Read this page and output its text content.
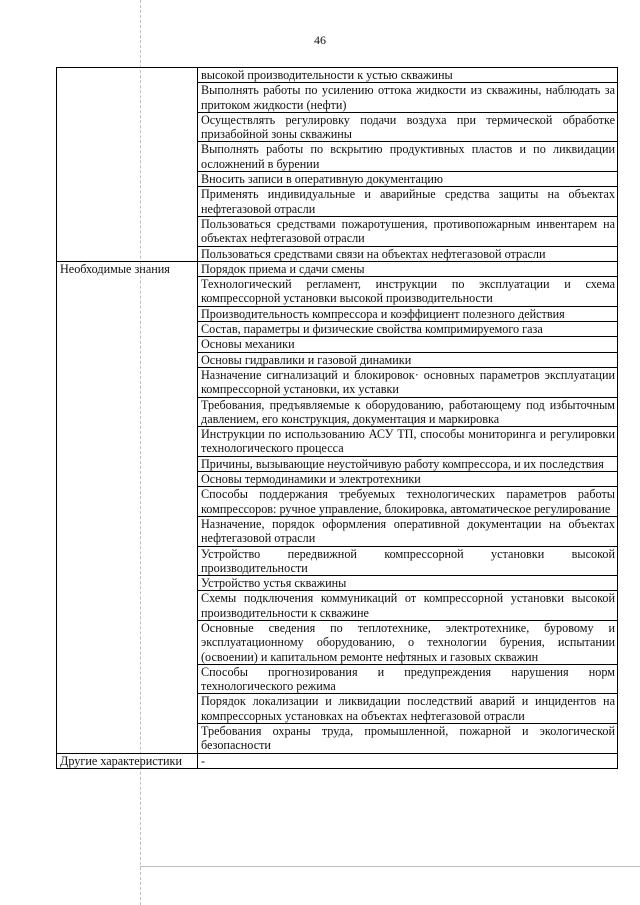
46
	высокой производительности к устью скважины
	Выполнять работы по усилению оттока жидкости из скважины, наблюдать за притоком жидкости (нефти)
	Осуществлять регулировку подачи воздуха при термической обработке призабойной зоны скважины
	Выполнять работы по вскрытию продуктивных пластов и по ликвидации осложнений в бурении
	Вносить записи в оперативную документацию
	Применять индивидуальные и аварийные средства защиты на объектах нефтегазовой отрасли
	Пользоваться средствами пожаротушения, противопожарным инвентарем на объектах нефтегазовой отрасли
	Пользоваться средствами связи на объектах нефтегазовой отрасли
Необходимые знания	Порядок приема и сдачи смены
	Технологический регламент, инструкции по эксплуатации и схема компрессорной установки высокой производительности
	Производительность компрессора и коэффициент полезного действия
	Состав, параметры и физические свойства компримируемого газа
	Основы механики
	Основы гидравлики и газовой динамики
	Назначение сигнализаций и блокировок· основных параметров эксплуатации компрессорной установки, их уставки
	Требования, предъявляемые к оборудованию, работающему под избыточным давлением, его конструкция, документация и маркировка
	Инструкции по использованию АСУ ТП, способы мониторинга и регулировки технологического процесса
	Причины, вызывающие неустойчивую работу компрессора, и их последствия
	Основы термодинамики и электротехники
	Способы поддержания требуемых технологических параметров работы компрессоров: ручное управление, блокировка, автоматическое регулирование
	Назначение, порядок оформления оперативной документации на объектах нефтегазовой отрасли
	Устройство передвижной компрессорной установки высокой производительности
	Устройство устья скважины
	Схемы подключения коммуникаций от компрессорной установки высокой производительности к скважине
	Основные сведения по теплотехнике, электротехнике, буровому и эксплуатационному оборудованию, о технологии бурения, испытании (освоении) и капитальном ремонте нефтяных и газовых скважин
	Способы прогнозирования и предупреждения нарушения норм технологического режима
	Порядок локализации и ликвидации последствий аварий и инцидентов на компрессорных установках на объектах нефтегазовой отрасли
	Требования охраны труда, промышленной, пожарной и экологической безопасности
Другие характеристики	-
